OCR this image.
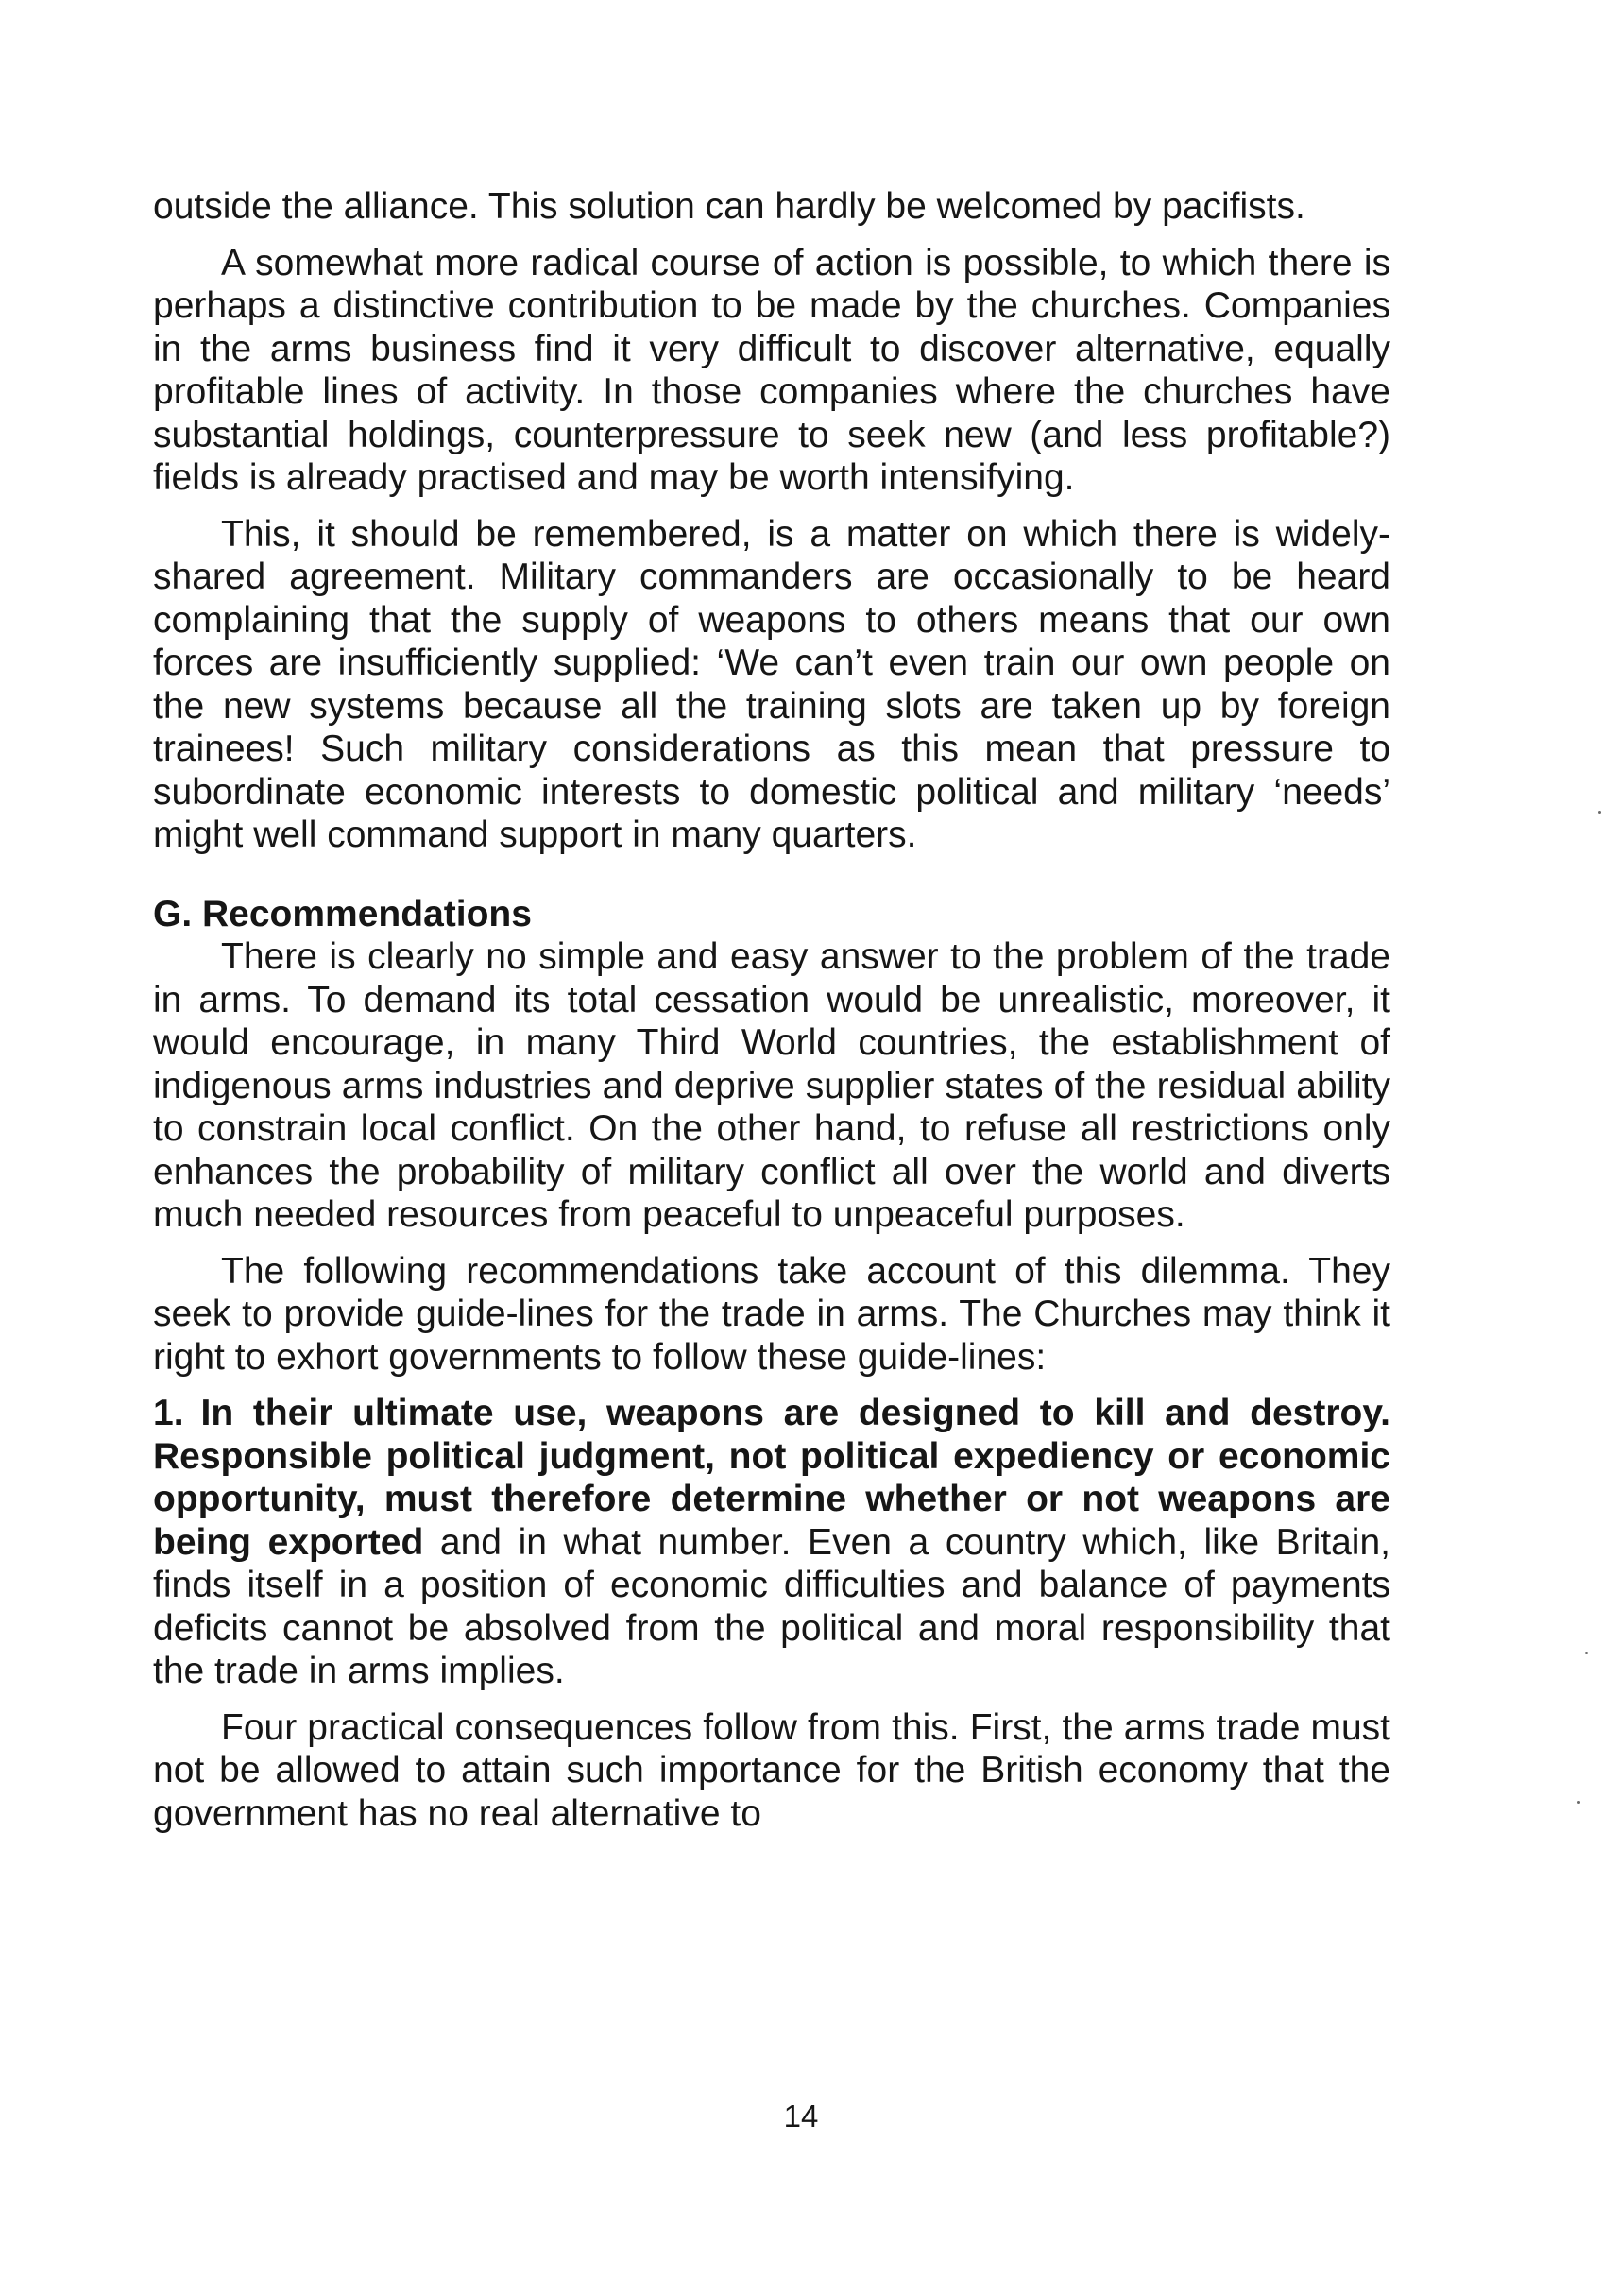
outside the alliance. This solution can hardly be welcomed by pacifists.

A somewhat more radical course of action is possible, to which there is perhaps a distinctive contribution to be made by the churches. Companies in the arms business find it very difficult to discover alternative, equally profitable lines of activity. In those companies where the churches have substantial holdings, counterpressure to seek new (and less profitable?) fields is already practised and may be worth intensifying.

This, it should be remembered, is a matter on which there is widely-shared agreement. Military commanders are occasionally to be heard complaining that the supply of weapons to others means that our own forces are insufficiently supplied: ‘We can’t even train our own people on the new systems because all the training slots are taken up by foreign trainees! Such military considerations as this mean that pressure to subordinate economic interests to domestic political and military ‘needs’ might well command support in many quarters.

G. Recommendations

There is clearly no simple and easy answer to the problem of the trade in arms. To demand its total cessation would be unrealistic, moreover, it would encourage, in many Third World countries, the establishment of indigenous arms industries and deprive supplier states of the residual ability to constrain local conflict. On the other hand, to refuse all restrictions only enhances the probability of military conflict all over the world and diverts much needed resources from peaceful to unpeaceful purposes.

The following recommendations take account of this dilemma. They seek to provide guide-lines for the trade in arms. The Churches may think it right to exhort governments to follow these guide-lines:

1. In their ultimate use, weapons are designed to kill and destroy. Responsible political judgment, not political expediency or economic opportunity, must therefore determine whether or not weapons are being exported and in what number. Even a country which, like Britain, finds itself in a position of economic difficulties and balance of payments deficits cannot be absolved from the political and moral responsibility that the trade in arms implies.

Four practical consequences follow from this. First, the arms trade must not be allowed to attain such importance for the British economy that the government has no real alternative to

14
